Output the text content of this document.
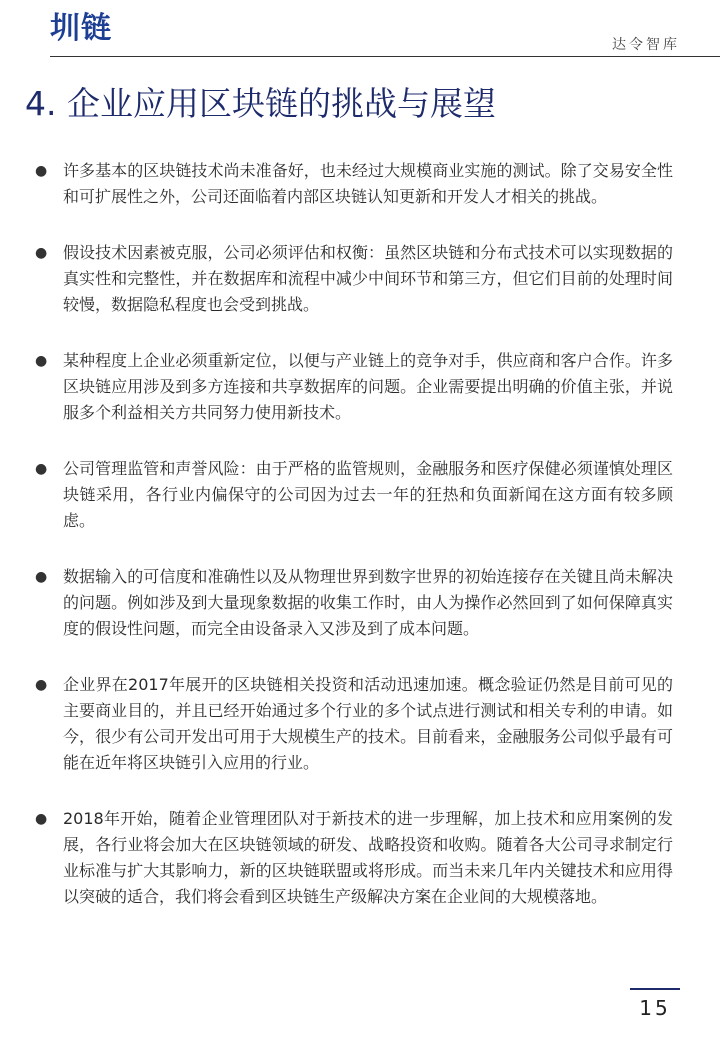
圳链	达令智库
4. 企业应用区块链的挑战与展望
● 许多基本的区块链技术尚未准备好，也未经过大规模商业实施的测试。除了交易安全性和可扩展性之外，公司还面临着内部区块链认知更新和开发人才相关的挑战。
● 假设技术因素被克服，公司必须评估和权衡：虽然区块链和分布式技术可以实现数据的真实性和完整性，并在数据库和流程中减少中间环节和第三方，但它们目前的处理时间较慢，数据隐私程度也会受到挑战。
● 某种程度上企业必须重新定位，以便与产业链上的竞争对手，供应商和客户合作。许多区块链应用涉及到多方连接和共享数据库的问题。企业需要提出明确的价值主张，并说服多个利益相关方共同努力使用新技术。
● 公司管理监管和声誉风险：由于严格的监管规则，金融服务和医疗保健必须谨慎处理区块链采用，各行业内偏保守的公司因为过去一年的狂热和负面新闻在这方面有较多顾虑。
● 数据输入的可信度和准确性以及从物理世界到数字世界的初始连接存在关键且尚未解决的问题。例如涉及到大量现象数据的收集工作时，由人为操作必然回到了如何保障真实度的假设性问题，而完全由设备录入又涉及到了成本问题。
● 企业界在2017年展开的区块链相关投资和活动迅速加速。概念验证仍然是目前可见的主要商业目的，并且已经开始通过多个行业的多个试点进行测试和相关专利的申请。如今，很少有公司开发出可用于大规模生产的技术。目前看来，金融服务公司似乎最有可能在近年将区块链引入应用的行业。
● 2018年开始，随着企业管理团队对于新技术的进一步理解，加上技术和应用案例的发展，各行业将会加大在区块链领域的研发、战略投资和收购。随着各大公司寻求制定行业标准与扩大其影响力，新的区块链联盟或将形成。而当未来几年内关键技术和应用得以突破的适合，我们将会看到区块链生产级解决方案在企业间的大规模落地。
15
